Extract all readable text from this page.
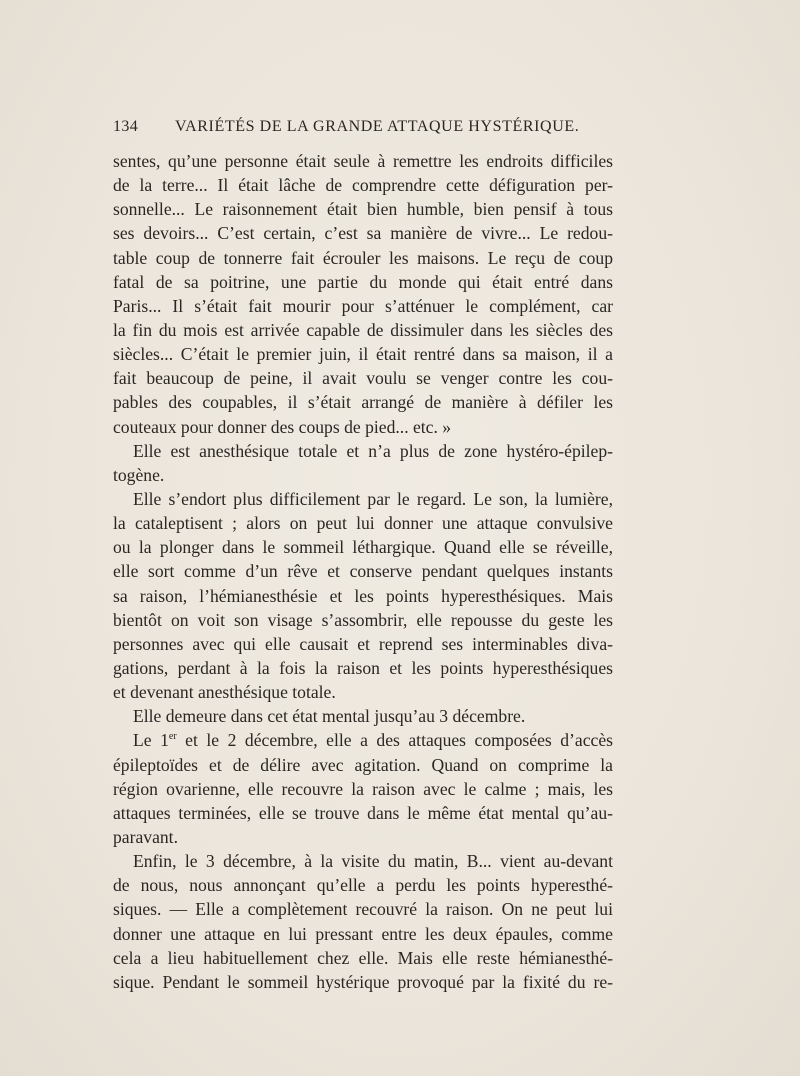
134 VARIÉTÉS DE LA GRANDE ATTAQUE HYSTÉRIQUE.
sentes, qu’une personne était seule à remettre les endroits difficiles
de la terre... Il était lâche de comprendre cette défiguration per-
sonnelle... Le raisonnement était bien humble, bien pensif à tous
ses devoirs... C’est certain, c’est sa manière de vivre... Le redou-
table coup de tonnerre fait écrouler les maisons. Le reçu de coup
fatal de sa poitrine, une partie du monde qui était entré dans
Paris... Il s’était fait mourir pour s’atténuer le complément, car
la fin du mois est arrivée capable de dissimuler dans les siècles des
siècles... C’était le premier juin, il était rentré dans sa maison, il a
fait beaucoup de peine, il avait voulu se venger contre les cou-
pables des coupables, il s’était arrangé de manière à défiler les
couteaux pour donner des coups de pied... etc. »
Elle est anesthésique totale et n’a plus de zone hystéro-épilep-
togène.
Elle s’endort plus difficilement par le regard. Le son, la lumière,
la cataleptisent ; alors on peut lui donner une attaque convulsive
ou la plonger dans le sommeil léthargique. Quand elle se réveille,
elle sort comme d’un rêve et conserve pendant quelques instants
sa raison, l’hémianesthésie et les points hyperesthésiques. Mais
bientôt on voit son visage s’assombrir, elle repousse du geste les
personnes avec qui elle causait et reprend ses interminables diva-
gations, perdant à la fois la raison et les points hyperesthésiques
et devenant anesthésique totale.
Elle demeure dans cet état mental jusqu’au 3 décembre.
Le 1er et le 2 décembre, elle a des attaques composées d’accès
épileptoïdes et de délire avec agitation. Quand on comprime la
région ovarienne, elle recouvre la raison avec le calme ; mais, les
attaques terminées, elle se trouve dans le même état mental qu’au-
paravant.
Enfin, le 3 décembre, à la visite du matin, B... vient au-devant
de nous, nous annonçant qu’elle a perdu les points hyperesthé-
siques. — Elle a complètement recouvré la raison. On ne peut lui
donner une attaque en lui pressant entre les deux épaules, comme
cela a lieu habituellement chez elle. Mais elle reste hémianesthé-
sique. Pendant le sommeil hystérique provoqué par la fixité du re-
